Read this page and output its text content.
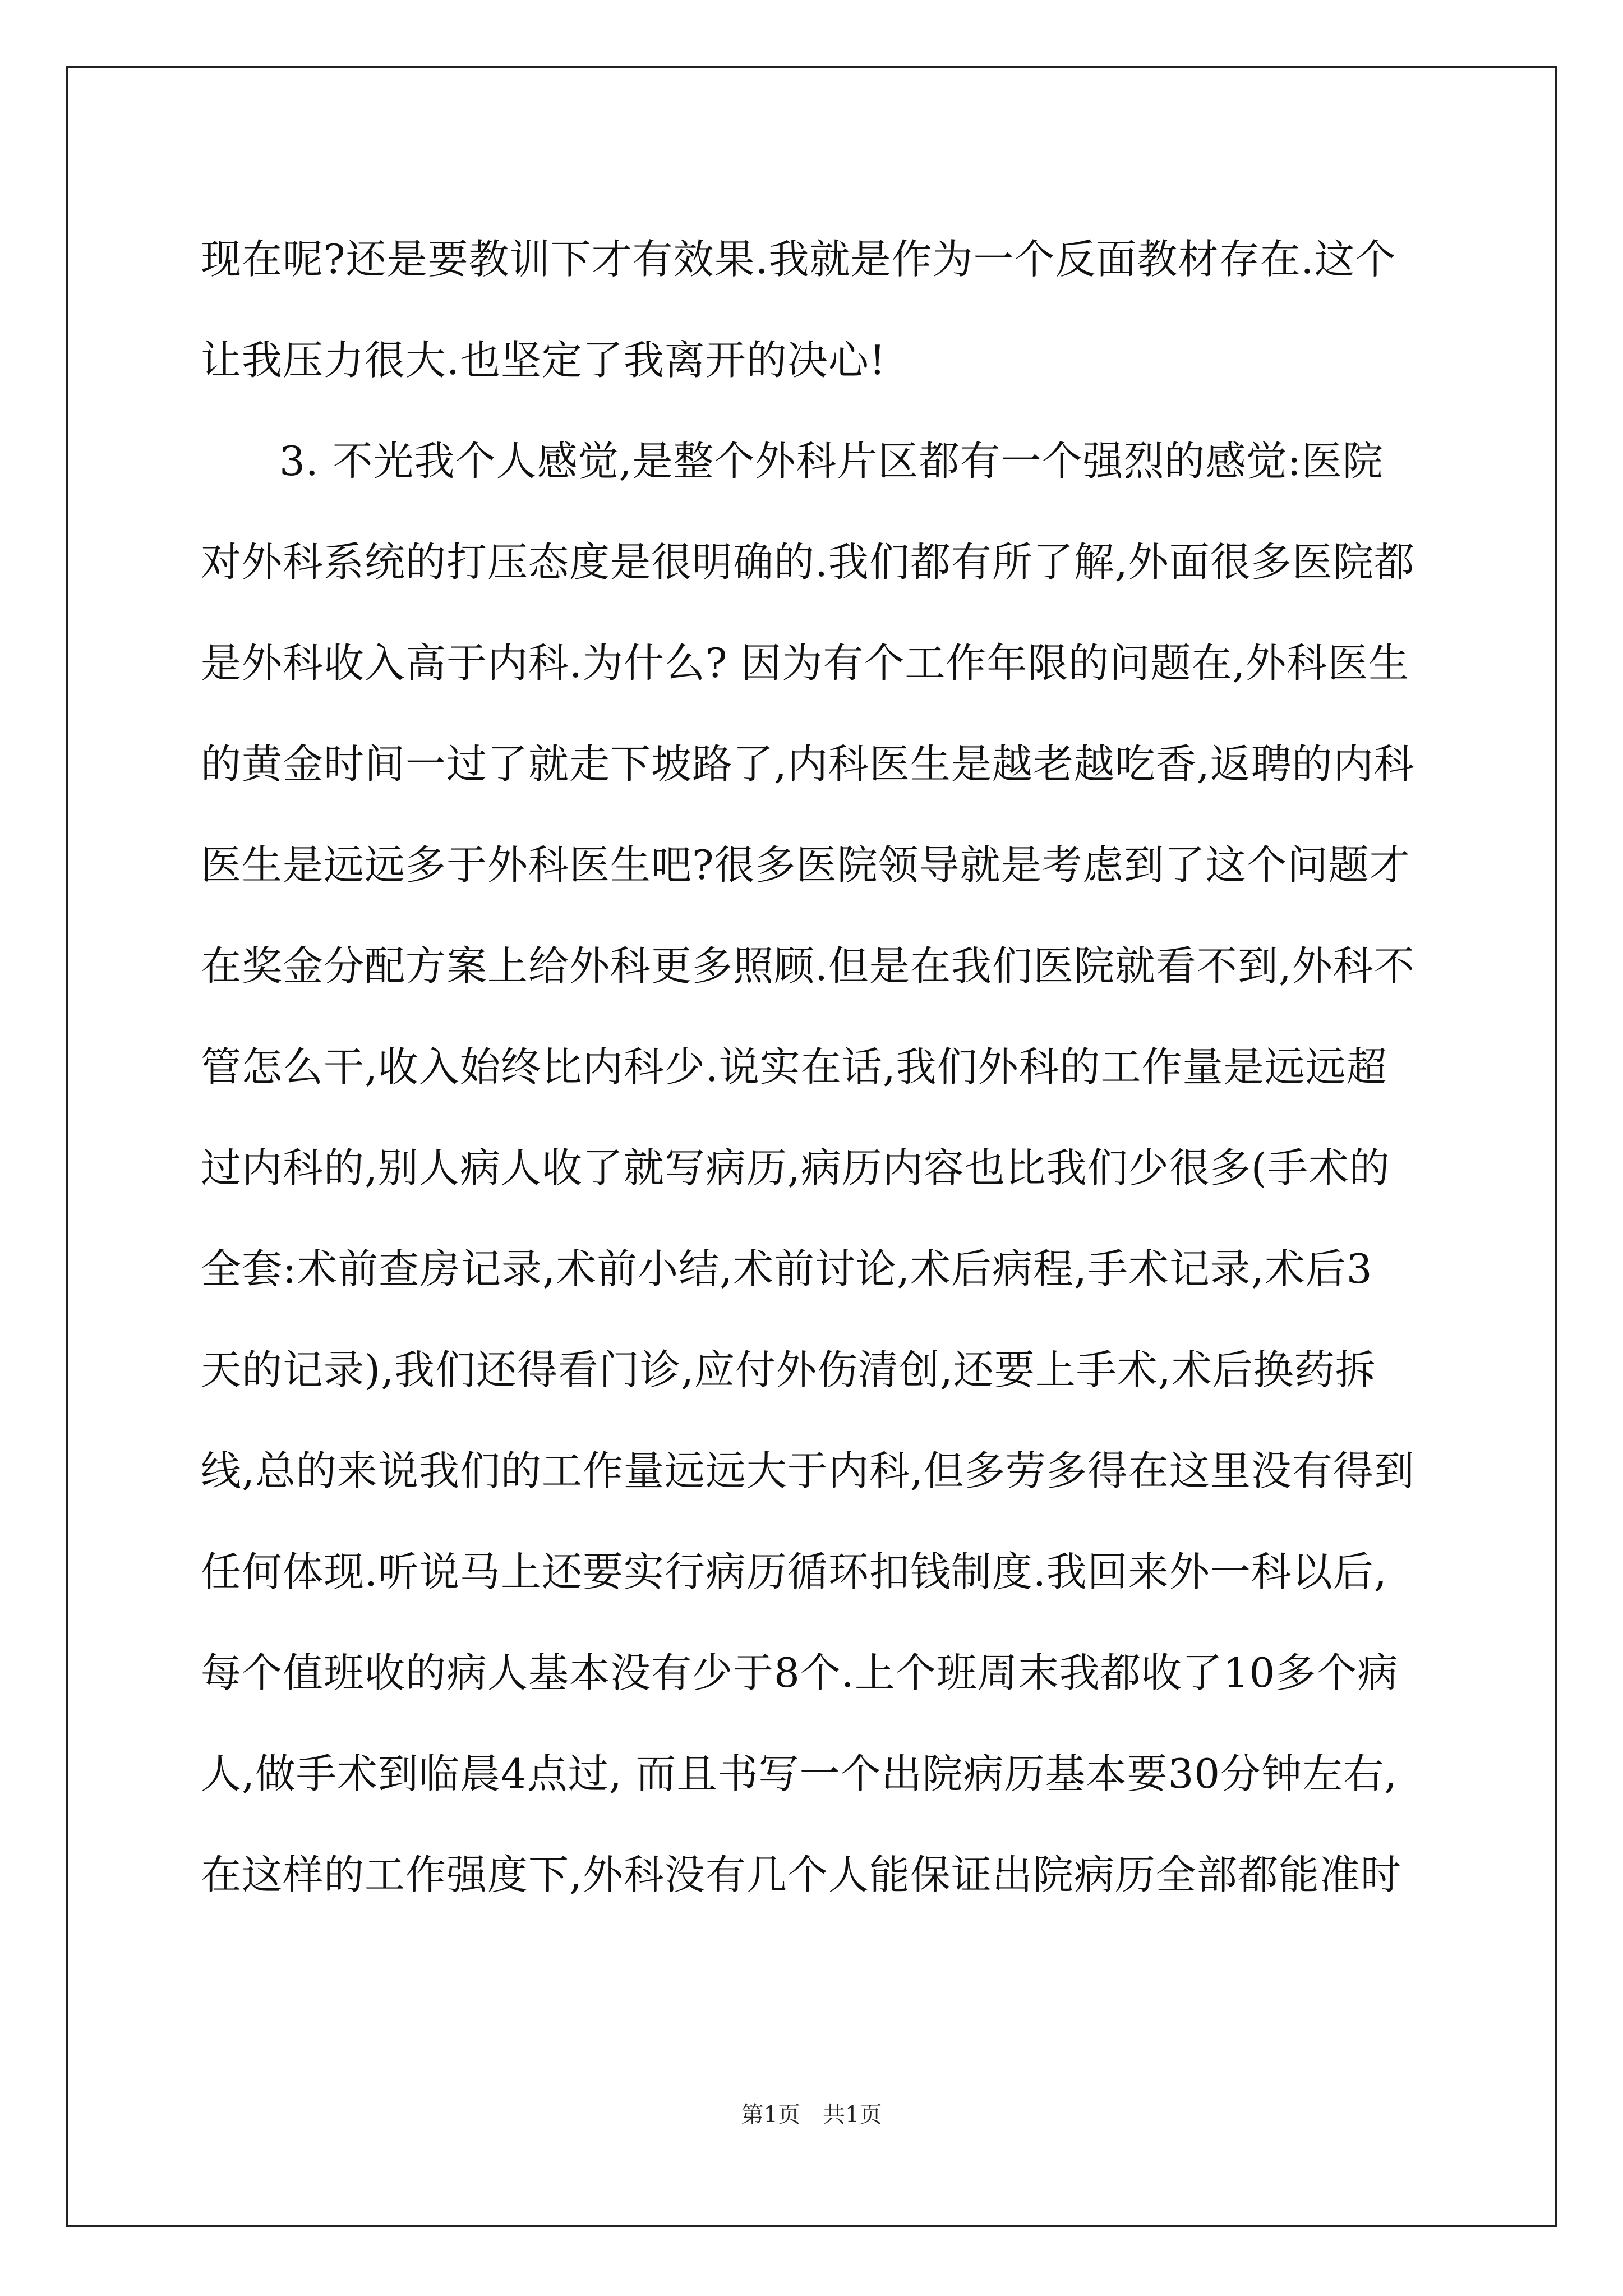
现在呢?还是要教训下才有效果.我就是作为一个反面教材存在.这个
让我压力很大.也坚定了我离开的决心!
3. 不光我个人感觉,是整个外科片区都有一个强烈的感觉:医院
对外科系统的打压态度是很明确的.我们都有所了解,外面很多医院都
是外科收入高于内科.为什么? 因为有个工作年限的问题在,外科医生
的黄金时间一过了就走下坡路了,内科医生是越老越吃香,返聘的内科
医生是远远多于外科医生吧?很多医院领导就是考虑到了这个问题才
在奖金分配方案上给外科更多照顾.但是在我们医院就看不到,外科不
管怎么干,收入始终比内科少.说实在话,我们外科的工作量是远远超
过内科的,别人病人收了就写病历,病历内容也比我们少很多(手术的
全套:术前查房记录,术前小结,术前讨论,术后病程,手术记录,术后3
天的记录),我们还得看门诊,应付外伤清创,还要上手术,术后换药拆
线,总的来说我们的工作量远远大于内科,但多劳多得在这里没有得到
任何体现.听说马上还要实行病历循环扣钱制度.我回来外一科以后,
每个值班收的病人基本没有少于8个.上个班周末我都收了10多个病
人,做手术到临晨4点过, 而且书写一个出院病历基本要30分钟左右,
在这样的工作强度下,外科没有几个人能保证出院病历全部都能准时
第1页　共1页
